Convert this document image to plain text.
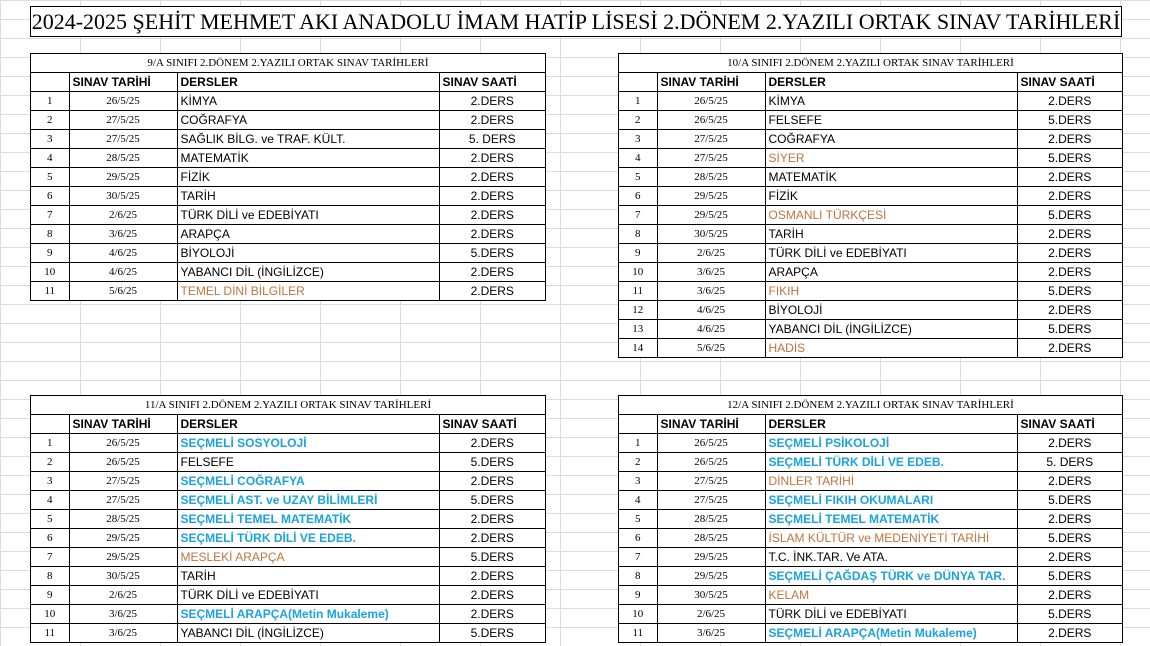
2024-2025 ŞEHİT MEHMET AKI ANADOLU İMAM HATİP LİSESİ 2.DÖNEM 2.YAZILI ORTAK SINAV TARİHLERİ
9/A SINIFI 2.DÖNEM 2.YAZILI ORTAK SINAV TARİHLERİ
	SINAV TARİHİ	DERSLER	SINAV SAATİ
1	26/5/25	KİMYA	2.DERS
2	27/5/25	COĞRAFYA	2.DERS
3	27/5/25	SAĞLIK BİLG. ve TRAF. KÜLT.	5. DERS
4	28/5/25	MATEMATİK	2.DERS
5	29/5/25	FİZİK	2.DERS
6	30/5/25	TARİH	2.DERS
7	2/6/25	TÜRK DİLİ ve EDEBİYATI	2.DERS
8	3/6/25	ARAPÇA	2.DERS
9	4/6/25	BİYOLOJİ	5.DERS
10	4/6/25	YABANCI DİL (İNGİLİZCE)	2.DERS
11	5/6/25	TEMEL DİNİ BİLGİLER	2.DERS
10/A SINIFI 2.DÖNEM 2.YAZILI ORTAK SINAV TARİHLERİ
	SINAV TARİHİ	DERSLER	SINAV SAATİ
1	26/5/25	KİMYA	2.DERS
2	26/5/25	FELSEFE	5.DERS
3	27/5/25	COĞRAFYA	2.DERS
4	27/5/25	SİYER	5.DERS
5	28/5/25	MATEMATİK	2.DERS
6	29/5/25	FİZİK	2.DERS
7	29/5/25	OSMANLI TÜRKÇESİ	5.DERS
8	30/5/25	TARİH	2.DERS
9	2/6/25	TÜRK DİLİ ve EDEBİYATI	2.DERS
10	3/6/25	ARAPÇA	2.DERS
11	3/6/25	FIKIH	5.DERS
12	4/6/25	BİYOLOJİ	2.DERS
13	4/6/25	YABANCI DİL (İNGİLİZCE)	5.DERS
14	5/6/25	HADİS	2.DERS
11/A SINIFI 2.DÖNEM 2.YAZILI ORTAK SINAV TARİHLERİ
	SINAV TARİHİ	DERSLER	SINAV SAATİ
1	26/5/25	SEÇMELİ SOSYOLOJİ	2.DERS
2	26/5/25	FELSEFE	5.DERS
3	27/5/25	SEÇMELİ COĞRAFYA	2.DERS
4	27/5/25	SEÇMELİ AST. ve UZAY BİLİMLERİ	5.DERS
5	28/5/25	SEÇMELİ TEMEL MATEMATİK	2.DERS
6	29/5/25	SEÇMELİ TÜRK DİLİ VE EDEB.	2.DERS
7	29/5/25	MESLEKİ ARAPÇA	5.DERS
8	30/5/25	TARİH	2.DERS
9	2/6/25	TÜRK DİLİ ve EDEBİYATI	2.DERS
10	3/6/25	SEÇMELİ ARAPÇA(Metin Mukaleme)	2.DERS
11	3/6/25	YABANCI DİL (İNGİLİZCE)	5.DERS
12/A SINIFI 2.DÖNEM 2.YAZILI ORTAK SINAV TARİHLERİ
	SINAV TARİHİ	DERSLER	SINAV SAATİ
1	26/5/25	SEÇMELİ PSİKOLOJİ	2.DERS
2	26/5/25	SEÇMELİ TÜRK DİLİ VE EDEB.	5. DERS
3	27/5/25	DİNLER TARİHİ	2.DERS
4	27/5/25	SEÇMELİ FIKIH OKUMALARI	5.DERS
5	28/5/25	SEÇMELİ TEMEL MATEMATİK	2.DERS
6	28/5/25	İSLAM KÜLTÜR ve MEDENİYETİ TARİHİ	5.DERS
7	29/5/25	T.C. İNK.TAR. Ve ATA.	2.DERS
8	29/5/25	SEÇMELİ ÇAĞDAŞ TÜRK ve DÜNYA TAR.	5.DERS
9	30/5/25	KELAM	2.DERS
10	2/6/25	TÜRK DİLİ ve EDEBİYATI	5.DERS
11	3/6/25	SEÇMELİ ARAPÇA(Metin Mukaleme)	2.DERS
